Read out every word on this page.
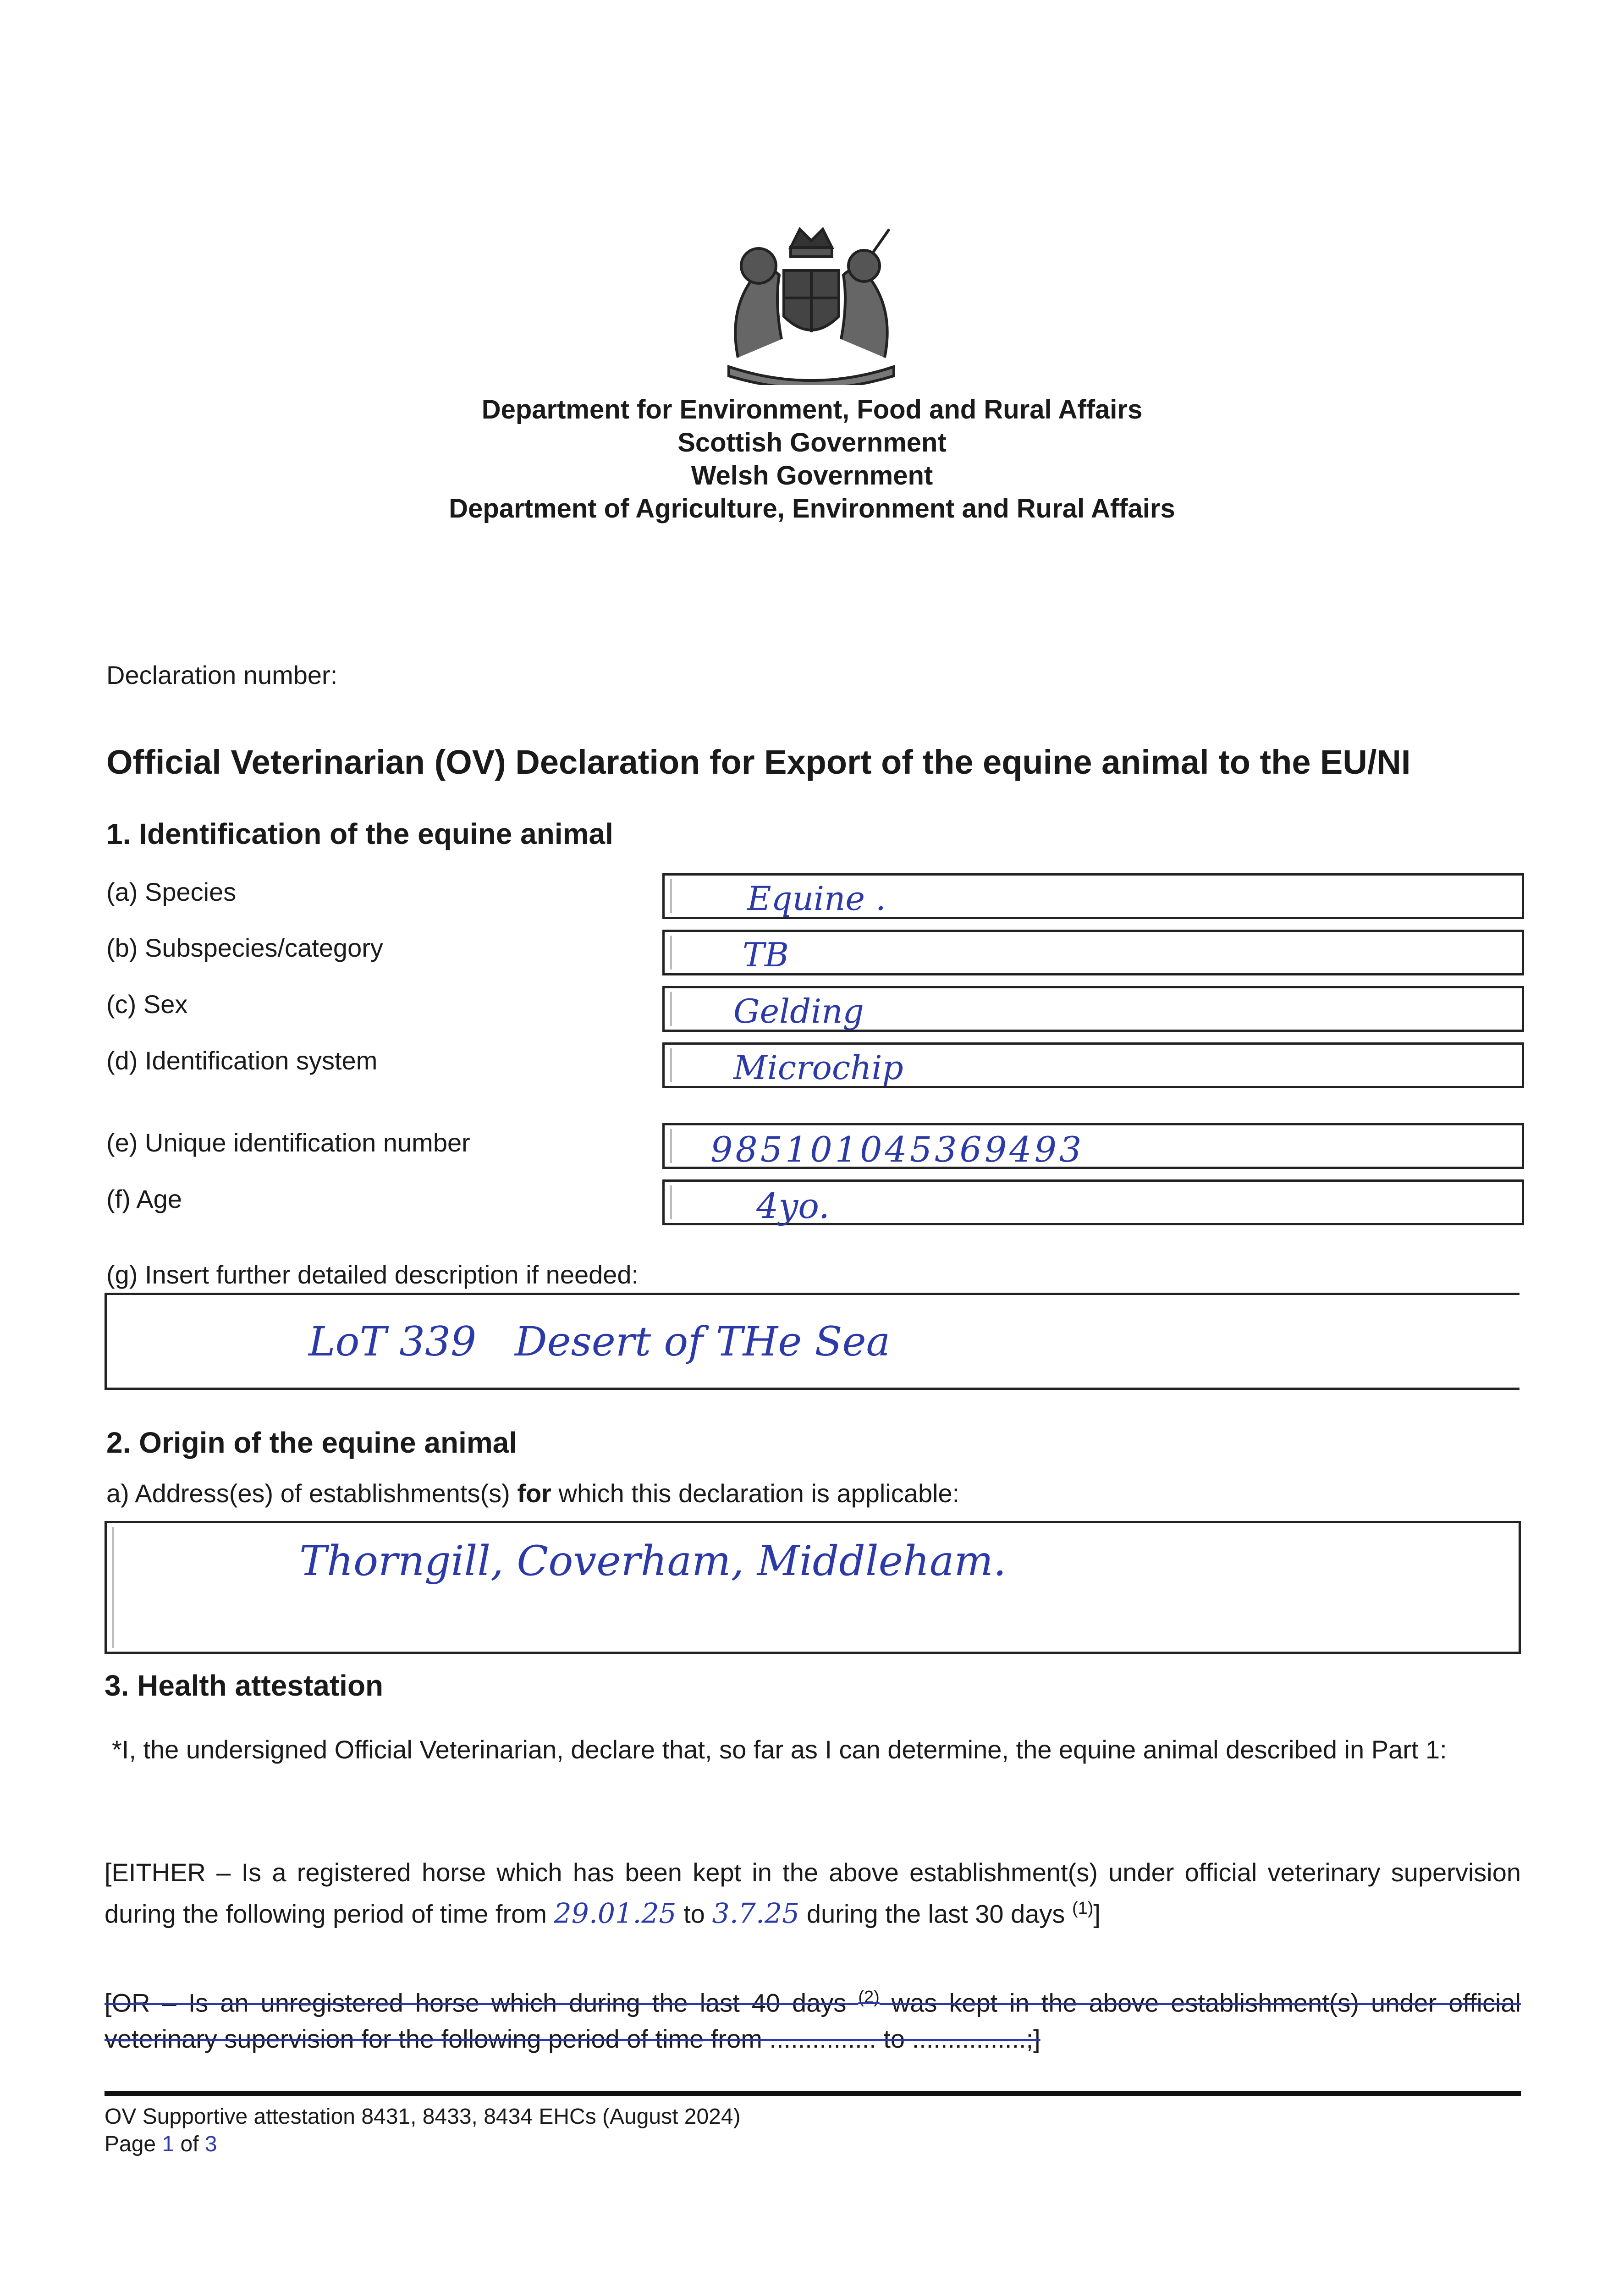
Department for Environment, Food and Rural Affairs
Scottish Government
Welsh Government
Department of Agriculture, Environment and Rural Affairs
Declaration number:
Official Veterinarian (OV) Declaration for Export of the equine animal to the EU/NI
1. Identification of the equine animal
(a) Species	Equine .
(b) Subspecies/category	TB
(c) Sex	Gelding
(d) Identification system	Microchip
(e) Unique identification number	985101045369493
(f) Age	4yo.
(g) Insert further detailed description if needed:
LoT 339   Desert of THe Sea
2. Origin of the equine animal
a) Address(es) of establishments(s) for which this declaration is applicable:
Thorngill, Coverham, Middleham.
3. Health attestation
*I, the undersigned Official Veterinarian, declare that, so far as I can determine, the equine animal described in Part 1:
[EITHER – Is a registered horse which has been kept in the above establishment(s) under official veterinary supervision during the following period of time from 29.01.25 to 3.7.25 during the last 30 days $^{(1)}$]
[OR – Is an unregistered horse which during the last 40 days $^{(2)}$ was kept in the above establishment(s) under official veterinary supervision for the following period of time from ............... to ................;]
OV Supportive attestation 8431, 8433, 8434 EHCs (August 2024)
Page 1 of 3
